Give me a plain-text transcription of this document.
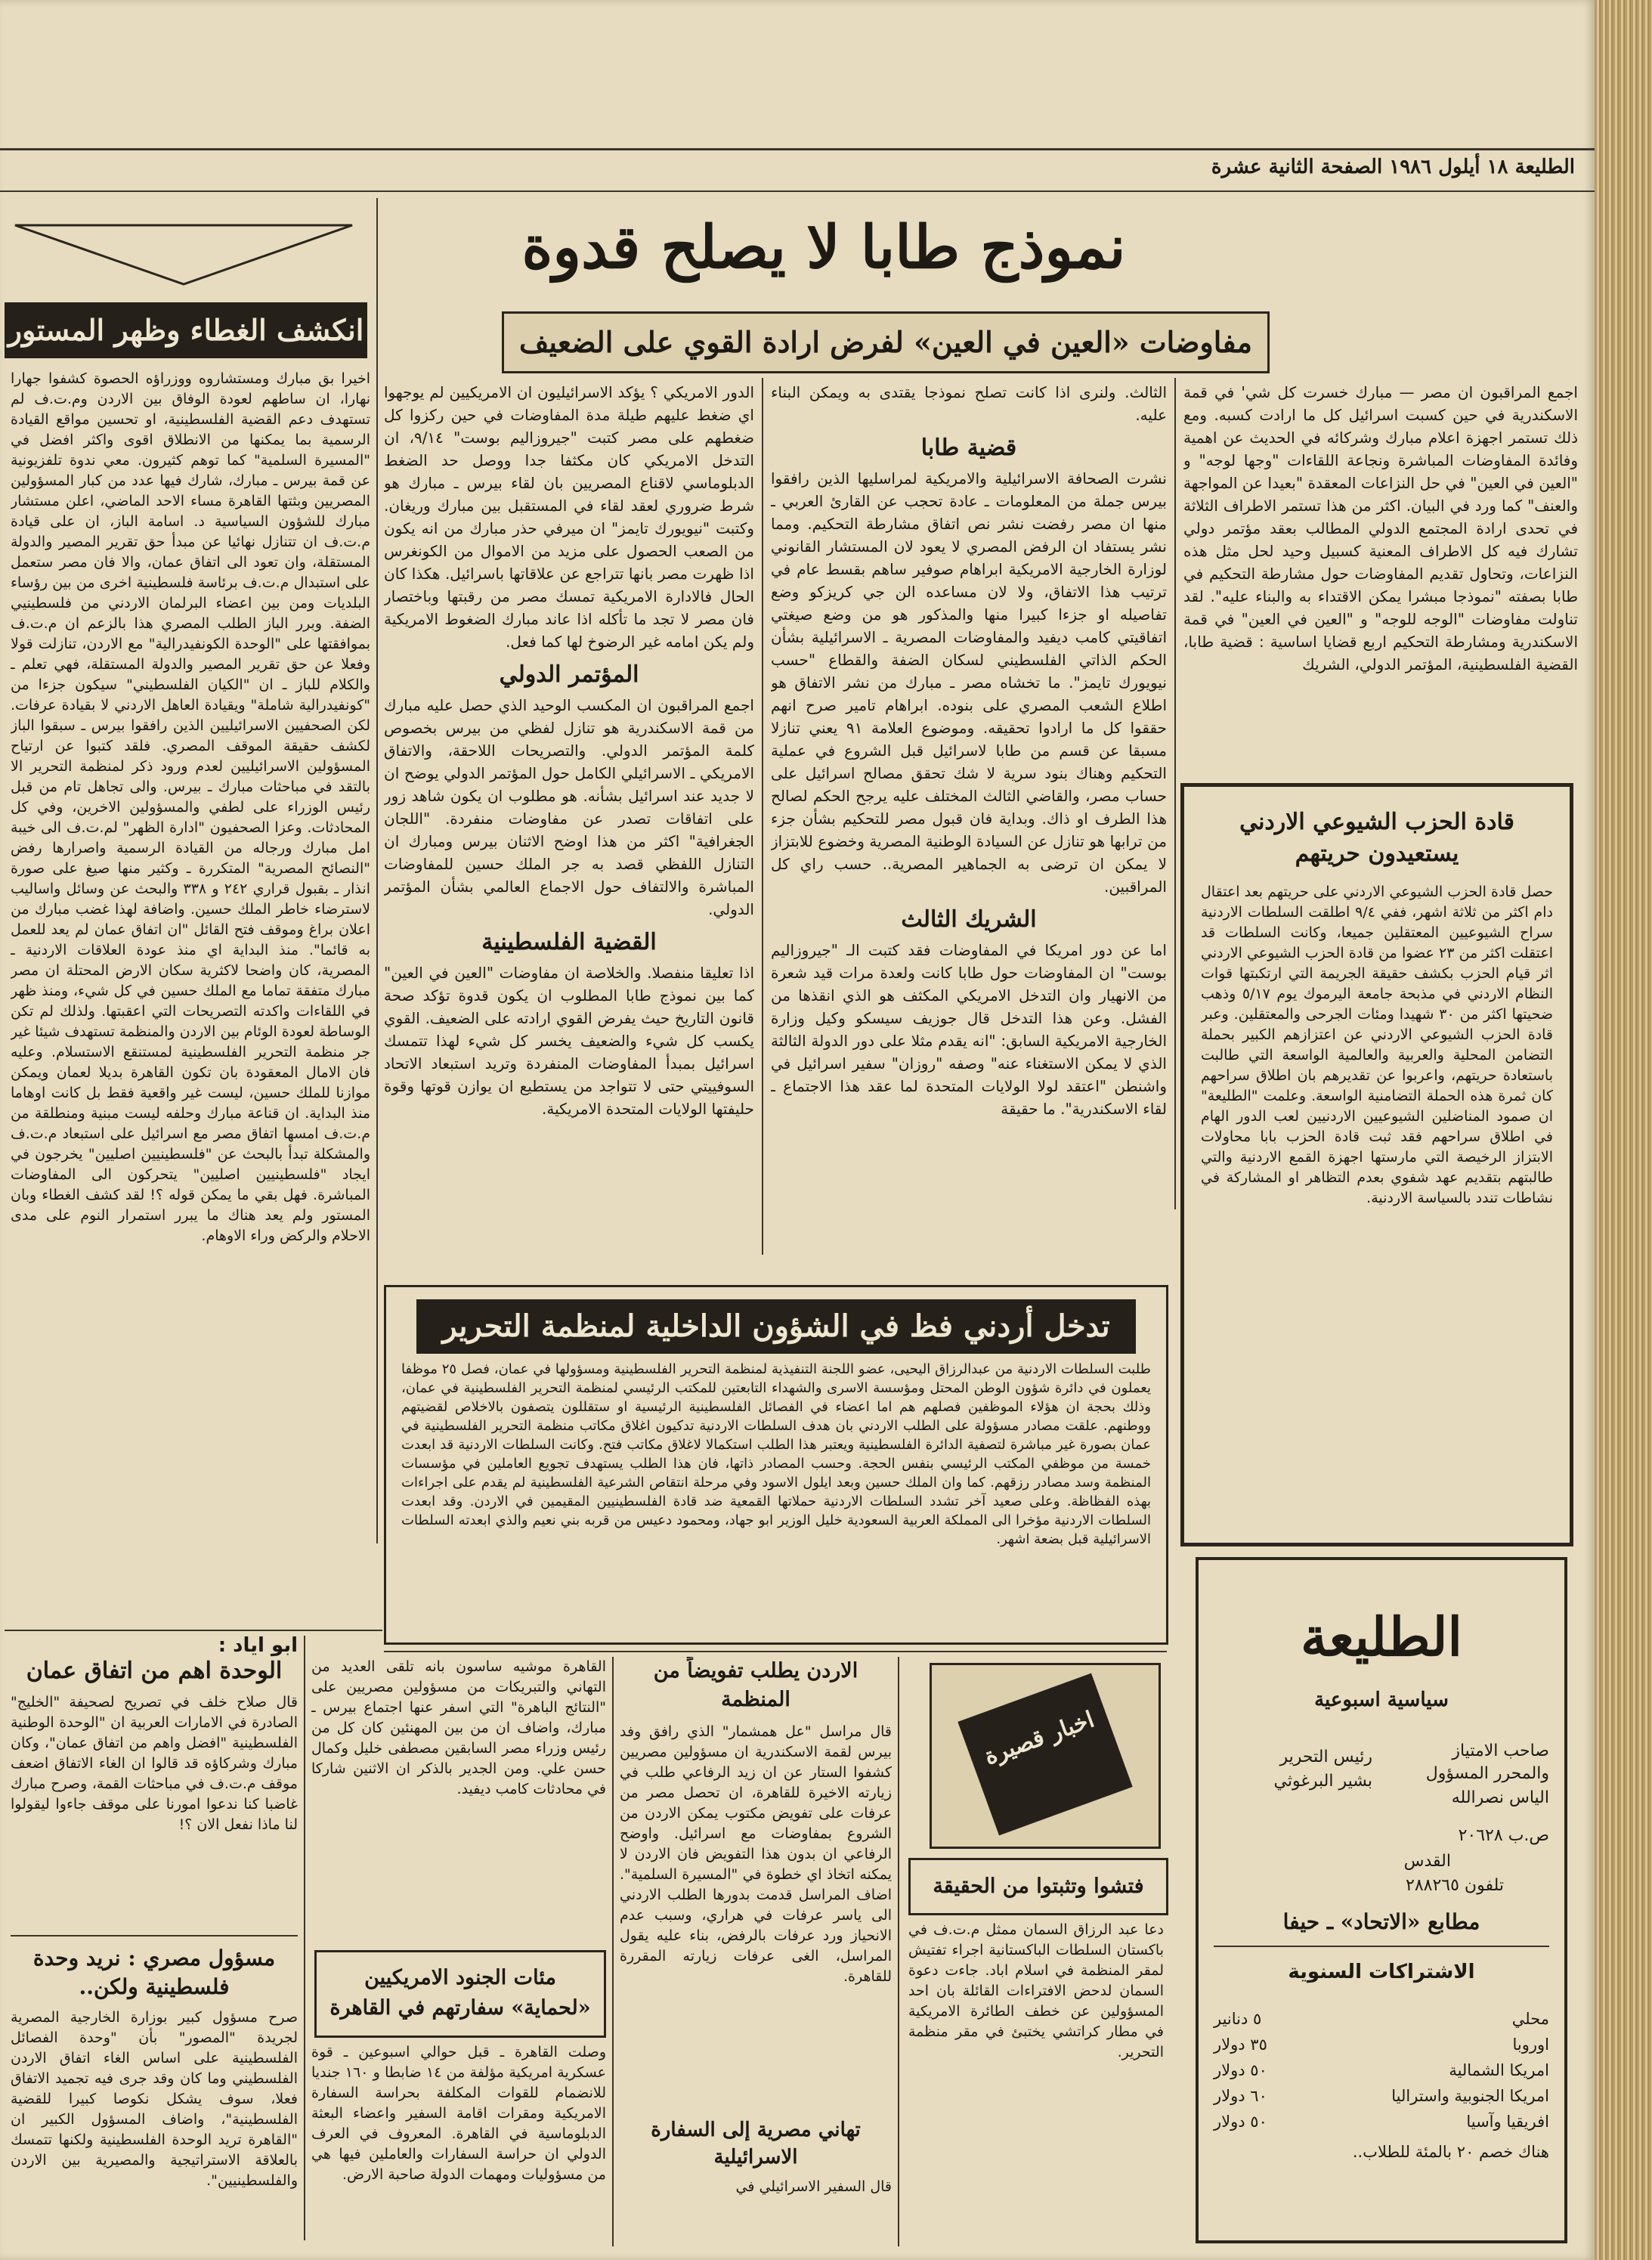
الطليعة ١٨ أيلول ١٩٨٦ الصفحة الثانية عشرة
نموذج طابا لا يصلح قدوة
مفاوضات «العين في العين» لفرض ارادة القوي على الضعيف
انكشف الغطاء وظهر المستور

اجمع المراقبون ان مصر — مبارك خسرت كل شي' في قمة الاسكندرية في حين كسبت اسرائيل كل ما ارادت كسبه. ومع ذلك تستمر اجهزة اعلام مبارك وشركائه في الحديث عن اهمية وفائدة المفاوضات المباشرة ونجاعة اللقاءات "وجها لوجه" و "العين في العين" في حل النزاعات المعقدة "بعيدا عن المواجهة والعنف" كما ورد في البيان. اكثر من هذا تستمر الاطراف الثلاثة في تحدى ارادة المجتمع الدولي المطالب بعقد مؤتمر دولي تشارك فيه كل الاطراف المعنية كسبيل وحيد لحل مثل هذه النزاعات، وتحاول تقديم المفاوضات حول مشارطة التحكيم في طابا بصفته "نموذجا مبشرا يمكن الاقتداء به والبناء عليه". لقد تناولت مفاوضات "الوجه للوجه" و "العين في العين" في قمة الاسكندرية ومشارطة التحكيم اربع قضايا اساسية : قضية طابا، القضية الفلسطينية، المؤتمر الدولي، الشريك

الثالث. ولنرى اذا كانت تصلح نموذجا يقتدى به ويمكن البناء عليه.

قضية طابا

نشرت الصحافة الاسرائيلية والامريكية لمراسليها الذين رافقوا بيرس جملة من المعلومات ـ عادة تحجب عن القارئ العربي ـ منها ان مصر رفضت نشر نص اتفاق مشارطة التحكيم. ومما نشر يستفاد ان الرفض المصري لا يعود لان المستشار القانوني لوزارة الخارجية الامريكية ابراهام صوفير ساهم بقسط عام في ترتيب هذا الاتفاق، ولا لان مساعده الن جي كريزكو وضع تفاصيله او جزءا كبيرا منها والمذكور هو من وضع صيغتي اتفاقيتي كامب ديفيد والمفاوضات المصرية ـ الاسرائيلية بشأن الحكم الذاتي الفلسطيني لسكان الضفة والقطاع "حسب نيويورك تايمز". ما تخشاه مصر ـ مبارك من نشر الاتفاق هو اطلاع الشعب المصري على بنوده. ابراهام تامير صرح انهم حققوا كل ما ارادوا تحقيقه. وموضوع العلامة ٩١ يعني تنازلا مسبقا عن قسم من طابا لاسرائيل قبل الشروع في عملية التحكيم وهناك بنود سرية لا شك تحقق مصالح اسرائيل على حساب مصر، والقاضي الثالث المختلف عليه يرجح الحكم لصالح هذا الطرف او ذاك. وبداية فان قبول مصر للتحكيم بشأن جزء من ترابها هو تنازل عن السيادة الوطنية المصرية وخضوع للابتزاز لا يمكن ان ترضى به الجماهير المصرية.. حسب راي كل المراقبين.

الشريك الثالث

اما عن دور امريكا في المفاوضات فقد كتبت الـ "جيروزاليم بوست" ان المفاوضات حول طابا كانت ولعدة مرات قيد شعرة من الانهيار وان التدخل الامريكي المكثف هو الذي انقذها من الفشل. وعن هذا التدخل قال جوزيف سيسكو وكيل وزارة الخارجية الامريكية السابق: "انه يقدم مثلا على دور الدولة الثالثة الذي لا يمكن الاستغناء عنه" وصفه "روزان" سفير اسرائيل في واشنطن "اعتقد لولا الولايات المتحدة لما عقد هذا الاجتماع ـ لقاء الاسكندرية". ما حقيقة

الدور الامريكي ؟ يؤكد الاسرائيليون ان الامريكيين لم يوجهوا اي ضغط عليهم طيلة مدة المفاوضات في حين ركزوا كل ضغطهم على مصر كتبت "جيروزاليم بوست" ٩/١٤، ان التدخل الامريكي كان مكثفا جدا ووصل حد الضغط الدبلوماسي لاقناع المصريين بان لقاء بيرس ـ مبارك هو شرط ضروري لعقد لقاء في المستقبل بين مبارك وريغان. وكتبت "نيويورك تايمز" ان ميرفي حذر مبارك من انه يكون من الصعب الحصول على مزيد من الاموال من الكونغرس اذا ظهرت مصر بانها تتراجع عن علاقاتها باسرائيل. هكذا كان الحال فالادارة الامريكية تمسك مصر من رقبتها وباختصار فان مصر لا تجد ما تأكله اذا عاند مبارك الضغوط الامريكية ولم يكن امامه غير الرضوخ لها كما فعل.

المؤتمر الدولي

اجمع المراقبون ان المكسب الوحيد الذي حصل عليه مبارك من قمة الاسكندرية هو تنازل لفظي من بيرس بخصوص كلمة المؤتمر الدولي. والتصريحات اللاحقة، والاتفاق الامريكي ـ الاسرائيلي الكامل حول المؤتمر الدولي يوضح ان لا جديد عند اسرائيل بشأنه. هو مطلوب ان يكون شاهد زور على اتفاقات تصدر عن مفاوضات منفردة. "اللجان الجغرافية" اكثر من هذا اوضح الاثنان بيرس ومبارك ان التنازل اللفظي قصد به جر الملك حسين للمفاوضات المباشرة والالتفاف حول الاجماع العالمي بشأن المؤتمر الدولي.

القضية الفلسطينية

اذا تعليقا منفصلا. والخلاصة ان مفاوضات "العين في العين" كما بين نموذج طابا المطلوب ان يكون قدوة تؤكد صحة قانون التاريخ حيث يفرض القوي ارادته على الضعيف. القوي يكسب كل شيء والضعيف يخسر كل شيء لهذا تتمسك اسرائيل بمبدأ المفاوضات المنفردة وتريد استبعاد الاتحاد السوفييتي حتى لا تتواجد من يستطيع ان يوازن قوتها وقوة حليفتها الولايات المتحدة الامريكية.

اخيرا بق مبارك ومستشاروه ووزراؤه الحصوة كشفوا جهارا نهارا، ان ساطهم لعودة الوفاق بين الاردن وم.ت.ف لم تستهدف دعم القضية الفلسطينية، او تحسين مواقع القيادة الرسمية بما يمكنها من الانطلاق اقوى واكثر افضل في "المسيرة السلمية" كما توهم كثيرون. معي ندوة تلفزيونية عن قمة بيرس ـ مبارك، شارك فيها عدد من كبار المسؤولين المصريين وبثتها القاهرة مساء الاحد الماضي، اعلن مستشار مبارك للشؤون السياسية د. اسامة الباز، ان على قيادة م.ت.ف ان تتنازل نهائيا عن مبدأ حق تقرير المصير والدولة المستقلة، وان تعود الى اتفاق عمان، والا فان مصر ستعمل على استبدال م.ت.ف برئاسة فلسطينية اخرى من بين رؤساء البلديات ومن بين اعضاء البرلمان الاردني من فلسطينيي الضفة. وبرر الباز الطلب المصري هذا بالزعم ان م.ت.ف بموافقتها على "الوحدة الكونفيدرالية" مع الاردن، تنازلت قولا وفعلا عن حق تقرير المصير والدولة المستقلة، فهي تعلم ـ والكلام للباز ـ ان "الكيان الفلسطيني" سيكون جزءا من "كونفيدرالية شاملة" ويقيادة العاهل الاردني لا بقيادة عرفات. لكن الصحفيين الاسرائيليين الذين رافقوا بيرس ـ سبقوا الباز لكشف حقيقة الموقف المصري. فلقد كتبوا عن ارتياح المسؤولين الاسرائيليين لعدم ورود ذكر لمنظمة التحرير الا بالتقد في مباحثات مبارك ـ بيرس. والى تجاهل تام من قبل رئيس الوزراء على لطفي والمسؤولين الاخرين، وفي كل المحادثات. وعزا الصحفيون "ادارة الظهر" لم.ت.ف الى خيبة امل مبارك ورجاله من القيادة الرسمية واصرارها رفض "النصائح المصرية" المتكررة ـ وكثير منها صيغ على صورة انذار ـ بقبول قراري ٢٤٢ و ٣٣٨ والبحث عن وسائل واساليب لاسترضاء خاطر الملك حسين. واضافة لهذا غضب مبارك من اعلان براغ وموقف فتح القائل "ان اتفاق عمان لم يعد للعمل به قائما". منذ البداية اي منذ عودة العلاقات الاردنية ـ المصرية، كان واضحا لاكثرية سكان الارض المحتلة ان مصر مبارك متفقة تماما مع الملك حسين في كل شيء، ومنذ ظهر في اللقاءات واكدته التصريحات التي اعقبتها. ولذلك لم تكن الوساطة لعودة الوئام بين الاردن والمنظمة تستهدف شيئا غير جر منظمة التحرير الفلسطينية لمستنقع الاستسلام. وعليه فان الامال المعقودة بان تكون القاهرة بديلا لعمان ويمكن موازنا للملك حسين، ليست غير واقعية فقط بل كانت اوهاما منذ البداية. ان قناعة مبارك وحلفه ليست مبنية ومنطلقة من م.ت.ف امسها اتفاق مصر مع اسرائيل على استبعاد م.ت.ف والمشكلة تبدأ بالبحث عن "فلسطينيين اصليين" يخرجون في ايجاد "فلسطينيين اصليين" يتحركون الى المفاوضات المباشرة. فهل بقي ما يمكن قوله ؟! لقد كشف الغطاء وبان المستور ولم يعد هناك ما يبرر استمرار النوم على مدى الاحلام والركض وراء الاوهام.

قادة الحزب الشيوعي الاردني يستعيدون حريتهم
حصل قادة الحزب الشيوعي الاردني على حريتهم بعد اعتقال دام اكثر من ثلاثة اشهر، ففي ٩/٤ اطلقت السلطات الاردنية سراح الشيوعيين المعتقلين جميعا، وكانت السلطات قد اعتقلت اكثر من ٢٣ عضوا من قادة الحزب الشيوعي الاردني اثر قيام الحزب بكشف حقيقة الجريمة التي ارتكبتها قوات النظام الاردني في مذبحة جامعة اليرموك يوم ٥/١٧ وذهب ضحيتها اكثر من ٣٠ شهيدا ومئات الجرحى والمعتقلين. وعبر قادة الحزب الشيوعي الاردني عن اعتزازهم الكبير بحملة التضامن المحلية والعربية والعالمية الواسعة التي طالبت باستعادة حريتهم، واعربوا عن تقديرهم بان اطلاق سراحهم كان ثمرة هذه الحملة التضامنية الواسعة. وعلمت "الطليعة" ان صمود المناضلين الشيوعيين الاردنيين لعب الدور الهام في اطلاق سراحهم فقد ثبت قادة الحزب بابا محاولات الابتزاز الرخيصة التي مارستها اجهزة القمع الاردنية والتي طالبتهم بتقديم عهد شفوي بعدم التظاهر او المشاركة في نشاطات تندد بالسياسة الاردنية.
تدخل أردني فظ في الشؤون الداخلية لمنظمة التحرير
طلبت السلطات الاردنية من عبدالرزاق اليحيى، عضو اللجنة التنفيذية لمنظمة التحرير الفلسطينية ومسؤولها في عمان، فصل ٢٥ موظفا يعملون في دائرة شؤون الوطن المحتل ومؤسسة الاسرى والشهداء التابعتين للمكتب الرئيسي لمنظمة التحرير الفلسطينية في عمان، وذلك بحجة ان هؤلاء الموظفين فصلهم هم اما اعضاء في الفصائل الفلسطينية الرئيسية او ستقللون يتصفون بالاخلاص لقضيتهم ووطنهم. علقت مصادر مسؤولة على الطلب الاردني بان هدف السلطات الاردنية تدكيون اغلاق مكاتب منظمة التحرير الفلسطينية في عمان بصورة غير مباشرة لتصفية الدائرة الفلسطينية ويعتبر هذا الطلب استكمالا لاغلاق مكاتب فتح. وكانت السلطات الاردنية قد ابعدت خمسة من موظفي المكتب الرئيسي بنفس الحجة. وحسب المصادر ذاتها، فان هذا الطلب يستهدف تجويع العاملين في مؤسسات المنظمة وسد مصادر رزقهم. كما وان الملك حسين وبعد ايلول الاسود وفي مرحلة انتقاص الشرعية الفلسطينية لم يقدم على اجراءات بهذه الفظاظة. وعلى صعيد آخر تشدد السلطات الاردنية حملاتها القمعية ضد قادة الفلسطينيين المقيمين في الاردن. وقد ابعدت السلطات الاردنية مؤخرا الى المملكة العربية السعودية خليل الوزير ابو جهاد، ومحمود دعيس من قربه بني نعيم والذي ابعدته السلطات الاسرائيلية قبل بضعة اشهر.
ابو اياد :
الوحدة اهم من اتفاق عمان

قال صلاح خلف في تصريح لصحيفة "الخليج" الصادرة في الامارات العربية ان "الوحدة الوطنية الفلسطينية "افضل واهم من اتفاق عمان"، وكان مبارك وشركاؤه قد قالوا ان الغاء الاتفاق اضعف موقف م.ت.ف في مباحثات القمة، وصرح مبارك غاضبا كنا ندعوا امورنا على موقف جاءوا ليقولوا لنا ماذا نفعل الان ؟!

مسؤول مصري : نريد وحدة فلسطينية ولكن..

صرح مسؤول كبير بوزارة الخارجية المصرية لجريدة "المصور" بأن "وحدة الفصائل الفلسطينية على اساس الغاء اتفاق الاردن الفلسطيني وما كان وقد جرى فيه تجميد الاتفاق فعلا، سوف يشكل نكوصا كبيرا للقضية الفلسطينية"، واضاف المسؤول الكبير ان "القاهرة تريد الوحدة الفلسطينية ولكنها تتمسك بالعلاقة الاستراتيجية والمصيرية بين الاردن والفلسطينيين".

القاهرة موشيه ساسون بانه تلقى العديد من التهاني والتبريكات من مسؤولين مصريين على "النتائج الباهرة" التي اسفر عنها اجتماع بيرس ـ مبارك، واضاف ان من بين المهنئين كان كل من رئيس وزراء مصر السابقين مصطفى خليل وكمال حسن علي. ومن الجدير بالذكر ان الاثنين شاركا في محادثات كامب ديفيد.

مئات الجنود الامريكيين «لحماية» سفارتهم في القاهرة

وصلت القاهرة ـ قبل حوالي اسبوعين ـ قوة عسكرية امريكية مؤلفة من ١٤ ضابطا و ١٦٠ جنديا للانضمام للقوات المكلفة بحراسة السفارة الامريكية ومقرات اقامة السفير واعضاء البعثة الدبلوماسية في القاهرة. المعروف في العرف الدولي ان حراسة السفارات والعاملين فيها هي من مسؤوليات ومهمات الدولة صاحبة الارض.

الاردن يطلب تفويضاً من المنظمة

قال مراسل "عل همشمار" الذي رافق وفد بيرس لقمة الاسكندرية ان مسؤولين مصريين كشفوا الستار عن ان زيد الرفاعي طلب في زيارته الاخيرة للقاهرة، ان تحصل مصر من عرفات على تفويض مكتوب يمكن الاردن من الشروع بمفاوضات مع اسرائيل. واوضح الرفاعي ان بدون هذا التفويض فان الاردن لا يمكنه اتخاذ اي خطوة في "المسيرة السلمية". اضاف المراسل قدمت بدورها الطلب الاردني الى ياسر عرفات في هراري، وسبب عدم الانحياز ورد عرفات بالرفض، بناء عليه يقول المراسل، الغى عرفات زيارته المقررة للقاهرة.

تهاني مصرية إلى السفارة الاسرائيلية

قال السفير الاسرائيلي في

اخبار قصيرة
فتشوا وتثبتوا من الحقيقة

دعا عبد الرزاق السمان ممثل م.ت.ف في باكستان السلطات الباكستانية اجراء تفتيش لمقر المنظمة في اسلام اباد. جاءت دعوة السمان لدحض الافتراءات القائلة بان احد المسؤولين عن خطف الطائرة الامريكية في مطار كراتشي يختبئ في مقر منظمة التحرير.

الطليعة
سياسية اسبوعية
صاحب الامتياز والمحرر المسؤول
الياس نصرالله
رئيس التحرير
بشير البرغوثي
ص.ب ٢٠٦٢٨
القدس
تلفون ٢٨٨٢٦٥
مطابع «الاتحاد» ـ حيفا
الاشتراكات السنوية
محلي
٥ دنانير
اوروبا
٣٥ دولار
امريكا الشمالية
٥٠ دولار
امريكا الجنوبية واستراليا
٦٠ دولار
افريقيا وآسيا
٥٠ دولار
هناك خصم ٢٠ بالمئة للطلاب..
